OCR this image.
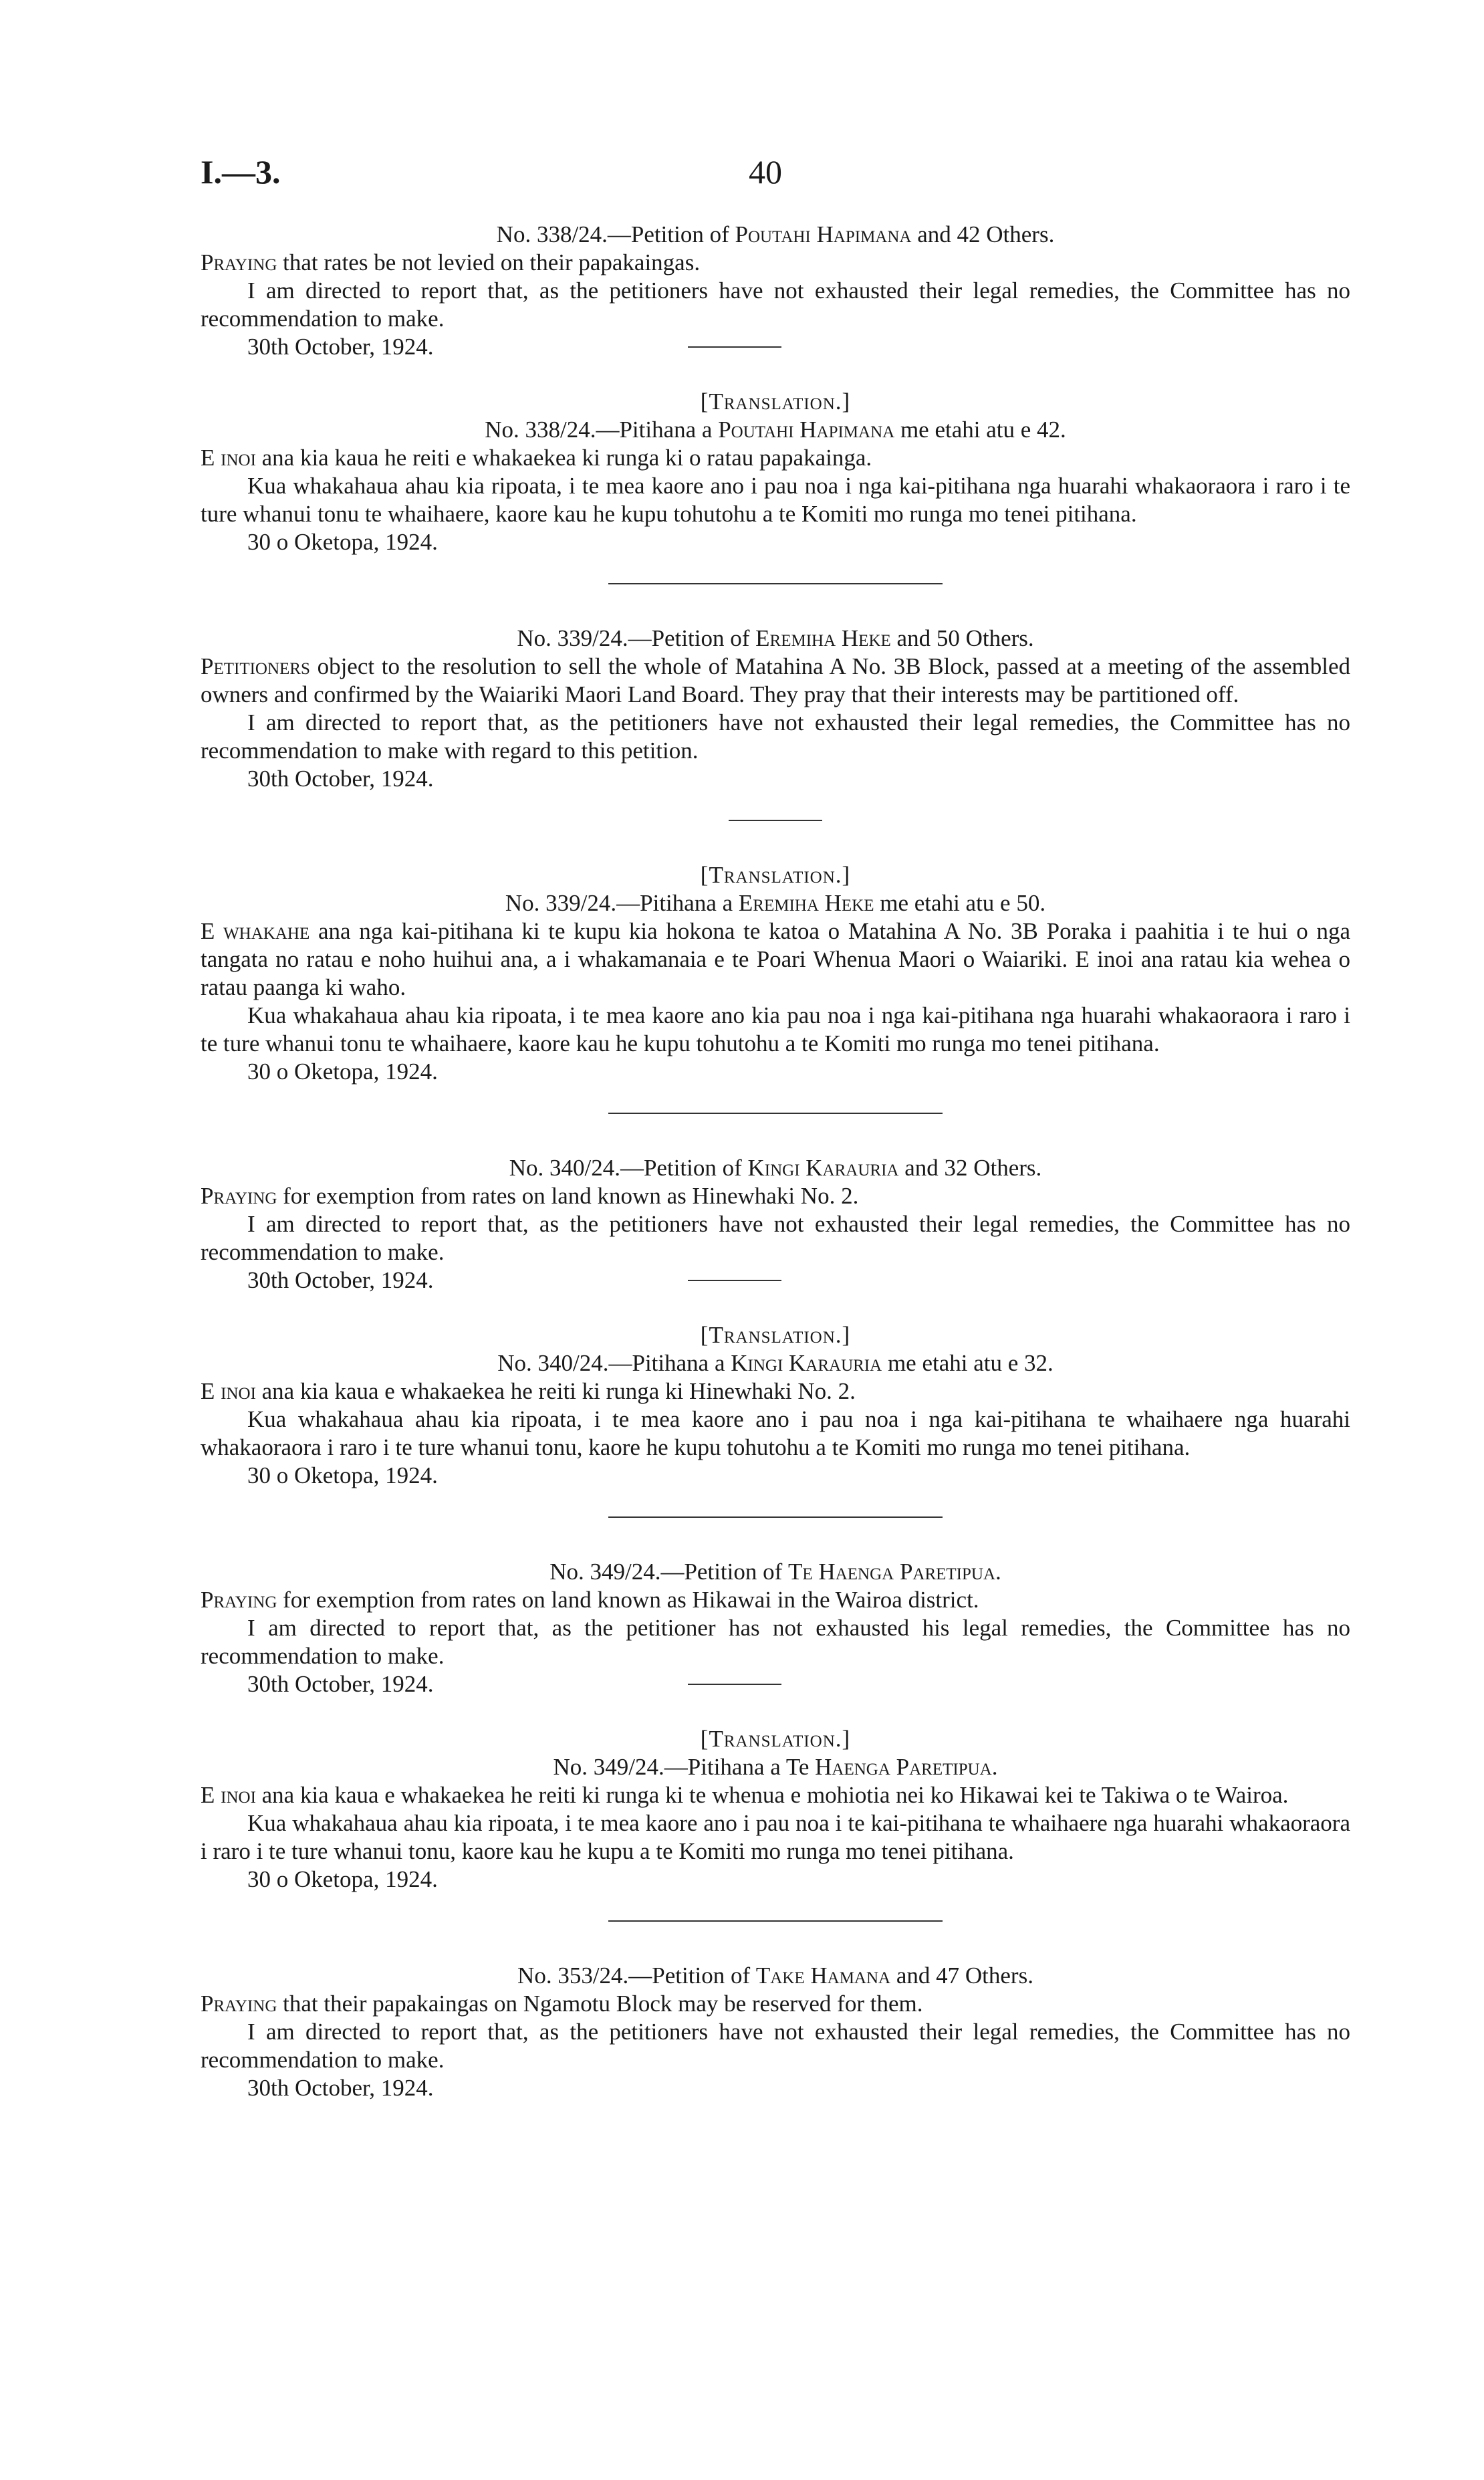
I.—3.	40

No. 338/24.—Petition of Poutahi Hapimana and 42 Others.

Praying that rates be not levied on their papakaingas.

I am directed to report that, as the petitioners have not exhausted their legal remedies, the Committee has no recommendation to make.

30th October, 1924.

[Translation.]

No. 338/24.—Pitihana a Poutahi Hapimana me etahi atu e 42.

E inoi ana kia kaua he reiti e whakaekea ki runga ki o ratau papakainga.

Kua whakahaua ahau kia ripoata, i te mea kaore ano i pau noa i nga kai-pitihana nga huarahi whakaoraora i raro i te ture whanui tonu te whaihaere, kaore kau he kupu tohutohu a te Komiti mo runga mo tenei pitihana.

30 o Oketopa, 1924.

No. 339/24.—Petition of Eremiha Heke and 50 Others.

Petitioners object to the resolution to sell the whole of Matahina A No. 3B Block, passed at a meeting of the assembled owners and confirmed by the Waiariki Maori Land Board. They pray that their interests may be partitioned off.

I am directed to report that, as the petitioners have not exhausted their legal remedies, the Committee has no recommendation to make with regard to this petition.

30th October, 1924.

[Translation.]

No. 339/24.—Pitihana a Eremiha Heke me etahi atu e 50.

E whakahe ana nga kai-pitihana ki te kupu kia hokona te katoa o Matahina A No. 3B Poraka i paahitia i te hui o nga tangata no ratau e noho huihui ana, a i whakamanaia e te Poari Whenua Maori o Waiariki. E inoi ana ratau kia wehea o ratau paanga ki waho.

Kua whakahaua ahau kia ripoata, i te mea kaore ano kia pau noa i nga kai-pitihana nga huarahi whakaoraora i raro i te ture whanui tonu te whaihaere, kaore kau he kupu tohutohu a te Komiti mo runga mo tenei pitihana.

30 o Oketopa, 1924.

No. 340/24.—Petition of Kingi Karauria and 32 Others.

Praying for exemption from rates on land known as Hinewhaki No. 2.

I am directed to report that, as the petitioners have not exhausted their legal remedies, the Committee has no recommendation to make.

30th October, 1924.

[Translation.]

No. 340/24.—Pitihana a Kingi Karauria me etahi atu e 32.

E inoi ana kia kaua e whakaekea he reiti ki runga ki Hinewhaki No. 2.

Kua whakahaua ahau kia ripoata, i te mea kaore ano i pau noa i nga kai-pitihana te whaihaere nga huarahi whakaoraora i raro i te ture whanui tonu, kaore he kupu tohutohu a te Komiti mo runga mo tenei pitihana.

30 o Oketopa, 1924.

No. 349/24.—Petition of Te Haenga Paretipua.

Praying for exemption from rates on land known as Hikawai in the Wairoa district.

I am directed to report that, as the petitioner has not exhausted his legal remedies, the Committee has no recommendation to make.

30th October, 1924.

[Translation.]

No. 349/24.—Pitihana a Te Haenga Paretipua.

E inoi ana kia kaua e whakaekea he reiti ki runga ki te whenua e mohiotia nei ko Hikawai kei te Takiwa o te Wairoa.

Kua whakahaua ahau kia ripoata, i te mea kaore ano i pau noa i te kai-pitihana te whaihaere nga huarahi whakaoraora i raro i te ture whanui tonu, kaore kau he kupu a te Komiti mo runga mo tenei pitihana.

30 o Oketopa, 1924.

No. 353/24.—Petition of Take Hamana and 47 Others.

Praying that their papakaingas on Ngamotu Block may be reserved for them.

I am directed to report that, as the petitioners have not exhausted their legal remedies, the Committee has no recommendation to make.

30th October, 1924.
